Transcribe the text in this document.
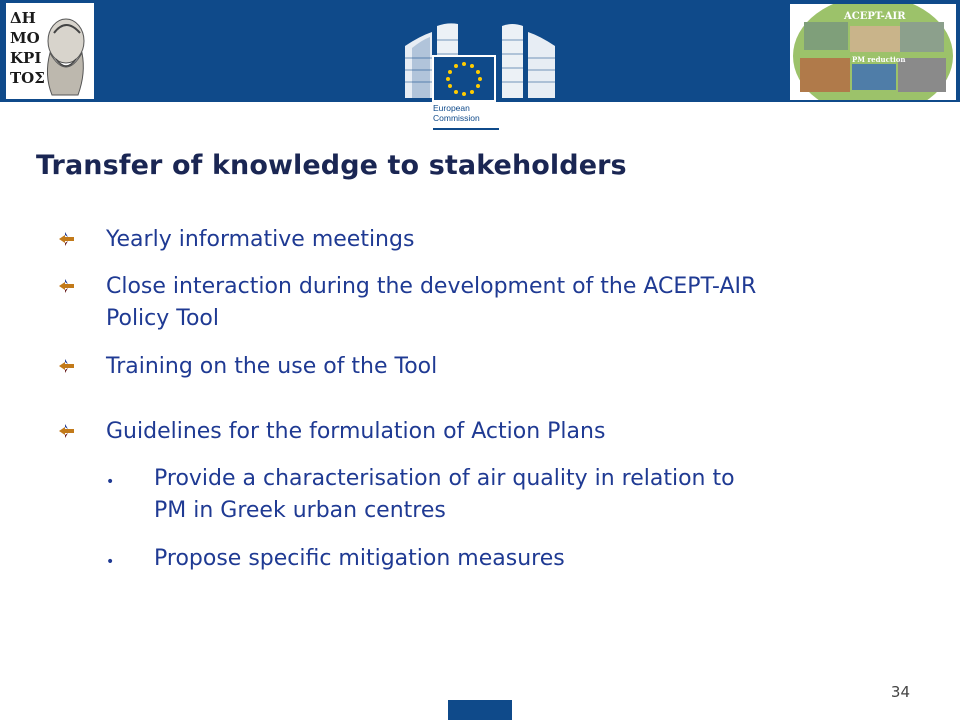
ΔΗ
ΜΟ
ΚΡΙ
ΤΟΣ
European
Commission
ACEPT-AIR
PM reduction
Transfer of knowledge to stakeholders
Yearly informative meetings
Close interaction during the development of the ACEPT-AIR
Policy Tool
Training on the use of the Tool
Guidelines for the formulation of Action Plans
• Provide a characterisation of air quality in relation to
PM in Greek urban centres
• Propose specific mitigation measures
34
